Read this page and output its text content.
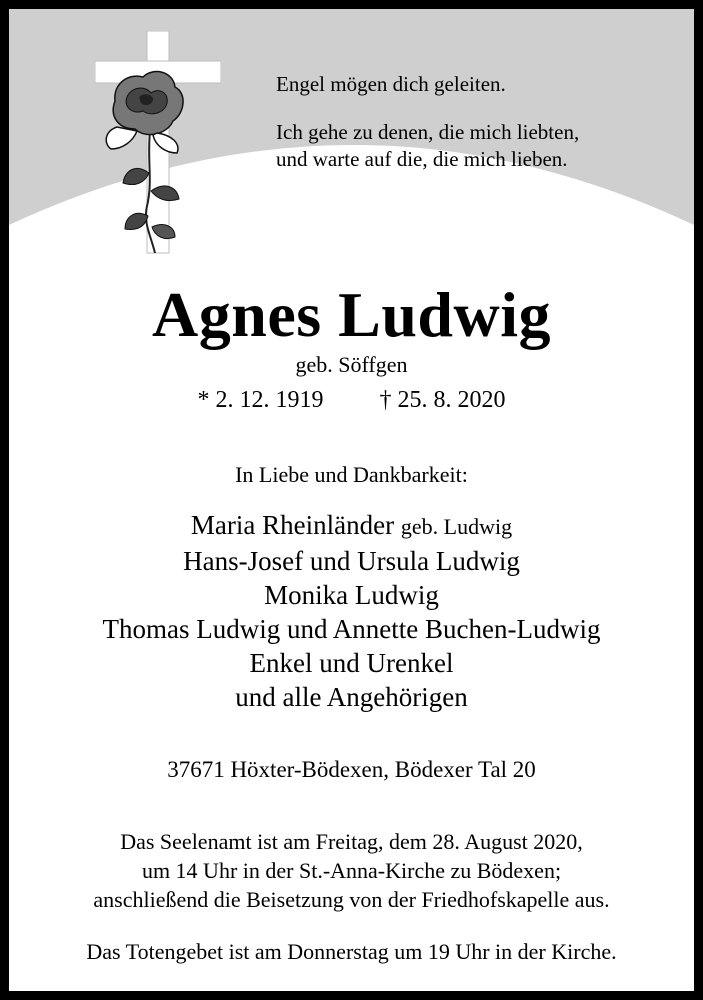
Engel mögen dich geleiten.
Ich gehe zu denen, die mich liebten,
und warte auf die, die mich lieben.
Agnes Ludwig
geb. Söffgen
* 2. 12. 1919 † 25. 8. 2020
In Liebe und Dankbarkeit:
Maria Rheinländer geb. Ludwig
Hans-Josef und Ursula Ludwig
Monika Ludwig
Thomas Ludwig und Annette Buchen-Ludwig
Enkel und Urenkel
und alle Angehörigen
37671 Höxter-Bödexen, Bödexer Tal 20
Das Seelenamt ist am Freitag, dem 28. August 2020,
um 14 Uhr in der St.-Anna-Kirche zu Bödexen;
anschließend die Beisetzung von der Friedhofskapelle aus.
Das Totengebet ist am Donnerstag um 19 Uhr in der Kirche.
